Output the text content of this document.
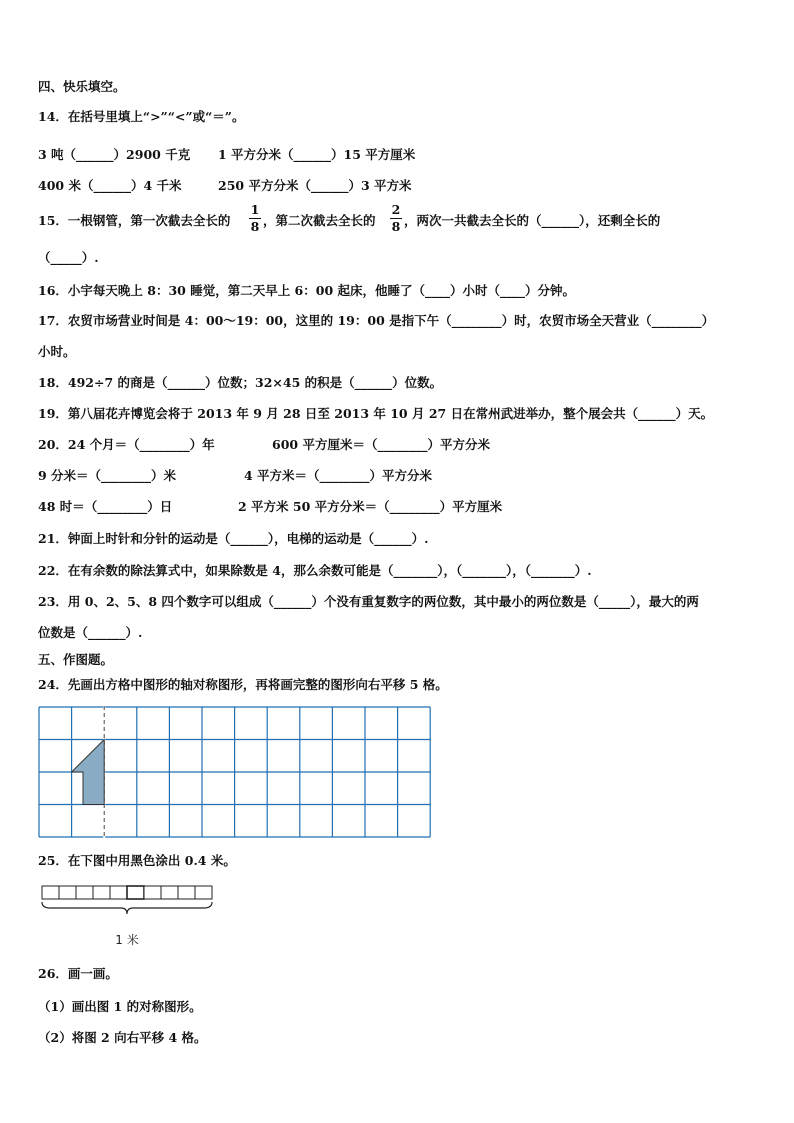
四、快乐填空。
14．在括号里填上“>”“<”或“＝”。
3 吨（______）2900 千克 1 平方分米（______）15 平方厘米
400 米（______）4 千米	250 平方分米（______）3 平方米
15．一根钢管，第一次截去全长的
1
8 ，第二次截去全长的
2
8 ，两次一共截去全长的（______），还剩全长的
（_____）.
16．小宇每天晚上 8：30 睡觉，第二天早上 6：00 起床，他睡了（____）小时（____）分钟。
17．农贸市场营业时间是 4：00～19：00，这里的 19：00 是指下午（________）时，农贸市场全天营业（________）
小时。
18．492÷7 的商是（______）位数；32×45 的积是（______）位数。
19．第八届花卉博览会将于 2013 年 9 月 28 日至 2013 年 10 月 27 日在常州武进举办，整个展会共（______）天。
20．24 个月＝（________）年	600 平方厘米＝（________）平方分米
9 分米＝（________）米	4 平方米＝（________）平方分米
48 时＝（________）日	2 平方米 50 平方分米＝（________）平方厘米
21．钟面上时针和分针的运动是（______），电梯的运动是（______）.
22．在有余数的除法算式中，如果除数是 4，那么余数可能是（_______），（_______），（_______）.
23．用 0、2、5、8 四个数字可以组成（______）个没有重复数字的两位数，其中最小的两位数是（_____），最大的两
位数是（______）.
五、作图题。
24．先画出方格中图形的轴对称图形，再将画完整的图形向右平移 5 格。
25．在下图中用黑色涂出 0.4 米。
1 米
26．画一画。
（1）画出图 1 的对称图形。
（2）将图 2 向右平移 4 格。
